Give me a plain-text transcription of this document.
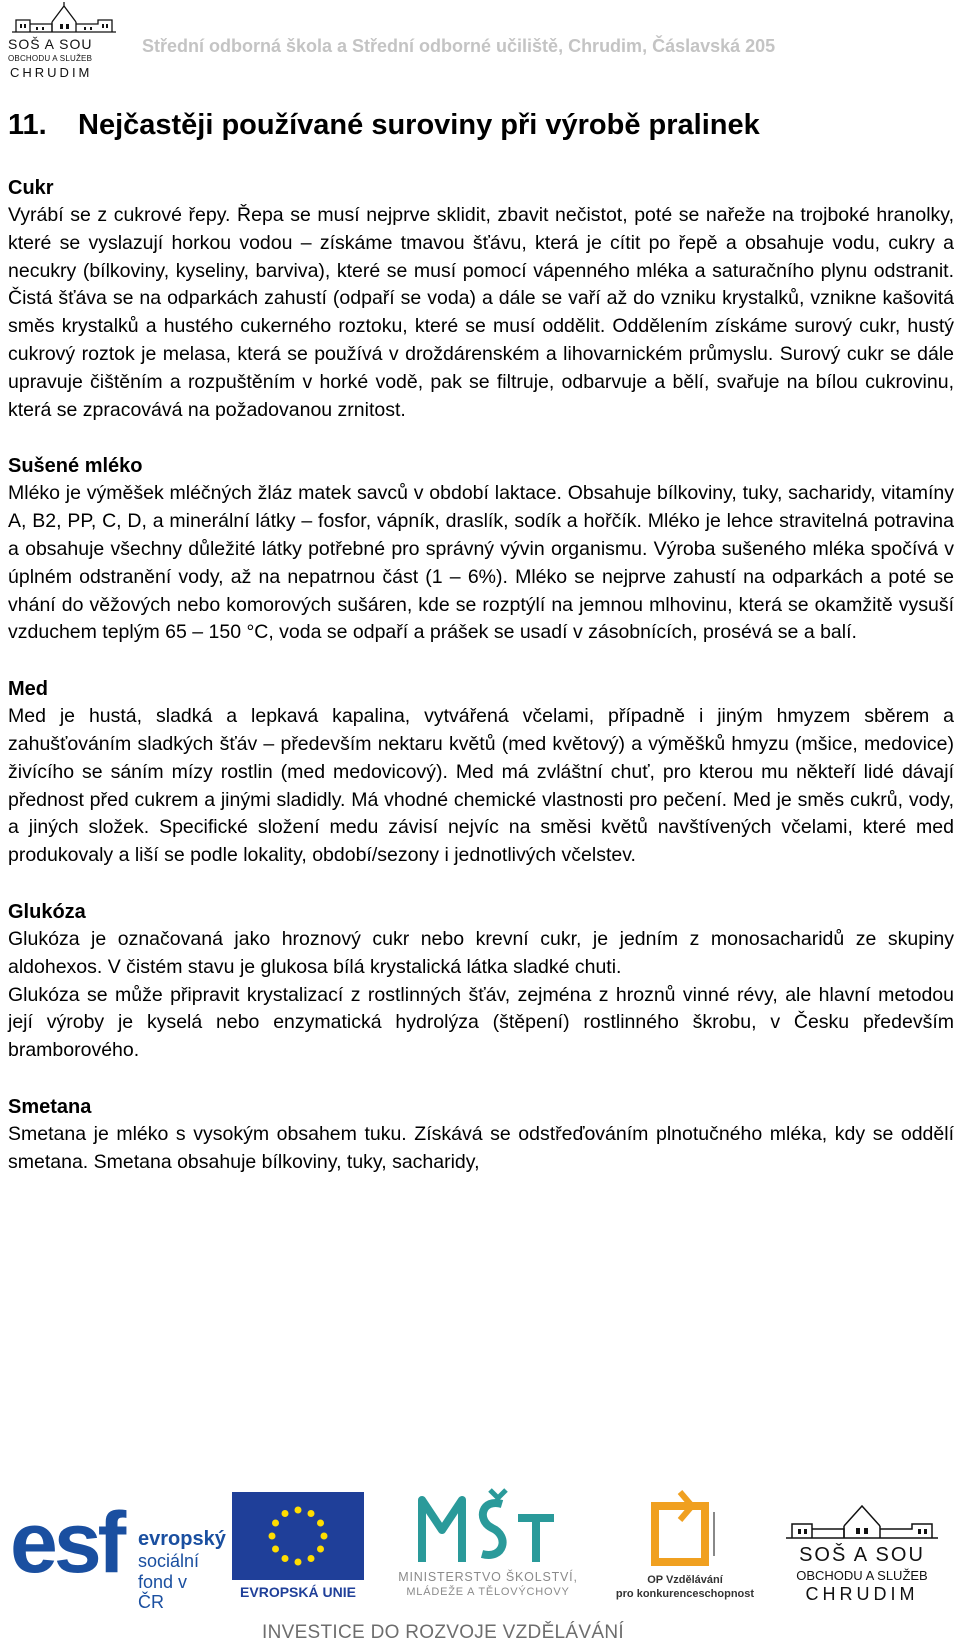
SOŠ A SOU
OBCHODU A SLUŽEB
CHRUDIM
Střední odborná škola a Střední odborné učiliště, Chrudim, Čáslavská 205
11. Nejčastěji používané suroviny při výrobě pralinek
Cukr

Vyrábí se z cukrové řepy. Řepa se musí nejprve sklidit, zbavit nečistot, poté se nařeže na trojboké hranolky, které se vyslazují horkou vodou – získáme tmavou šťávu, která je cítit po řepě a obsahuje vodu, cukry a necukry (bílkoviny, kyseliny, barviva), které se musí pomocí vápenného mléka a saturačního plynu odstranit. Čistá šťáva se na odparkách zahustí (odpaří se voda) a dále se vaří až do vzniku krystalků, vznikne kašovitá směs krystalků a hustého cukerného roztoku, které se musí oddělit. Oddělením získáme surový cukr, hustý cukrový roztok je melasa, která se používá v droždárenském a lihovarnickém průmyslu. Surový cukr se dále upravuje čištěním a rozpuštěním v horké vodě, pak se filtruje, odbarvuje a bělí, svařuje na bílou cukrovinu, která se zpracovává na požadovanou zrnitost.

Sušené mléko

Mléko je výměšek mléčných žláz matek savců v období laktace. Obsahuje bílkoviny, tuky, sacharidy, vitamíny A, B2, PP, C, D, a minerální látky – fosfor, vápník, draslík, sodík a hořčík. Mléko je lehce stravitelná potravina a obsahuje všechny důležité látky potřebné pro správný vývin organismu. Výroba sušeného mléka spočívá v úplném odstranění vody, až na nepatrnou část (1 – 6%). Mléko se nejprve zahustí na odparkách a poté se vhání do věžových nebo komorových sušáren, kde se rozptýlí na jemnou mlhovinu, která se okamžitě vysuší vzduchem teplým 65 – 150 °C, voda se odpaří a prášek se usadí v zásobnících, prosévá se a balí.

Med

Med je hustá, sladká a lepkavá kapalina, vytvářená včelami, případně i jiným hmyzem sběrem a zahušťováním sladkých šťáv – především nektaru květů (med květový) a výměšků hmyzu (mšice, medovice) živícího se sáním mízy rostlin (med medovicový). Med má zvláštní chuť, pro kterou mu někteří lidé dávají přednost před cukrem a jinými sladidly. Má vhodné chemické vlastnosti pro pečení. Med je směs cukrů, vody, a jiných složek. Specifické složení medu závisí nejvíc na směsi květů navštívených včelami, které med produkovaly a liší se podle lokality, období/sezony i jednotlivých včelstev.

Glukóza

Glukóza je označovaná jako hroznový cukr nebo krevní cukr, je jedním z monosacharidů ze skupiny aldohexos. V čistém stavu je glukosa bílá krystalická látka sladké chuti.

Glukóza se může připravit krystalizací z rostlinných šťáv, zejména z hroznů vinné révy, ale hlavní metodou její výroby je kyselá nebo enzymatická hydrolýza (štěpení) rostlinného škrobu, v Česku především bramborového.

Smetana

Smetana je mléko s vysokým obsahem tuku. Získává se odstřeďováním plnotučného mléka, kdy se oddělí smetana. Smetana obsahuje bílkoviny, tuky, sacharidy,

esf evropský
sociální
fond v ČR	EVROPSKÁ UNIE
MINISTERSTVO ŠKOLSTVÍ,
MLÁDEŽE A TĚLOVÝCHOVY
OP Vzdělávání
pro konkurenceschopnost
SOŠ A SOU
OBCHODU A SLUŽEB
CHRUDIM
INVESTICE DO ROZVOJE VZDĚLÁVÁNÍ
